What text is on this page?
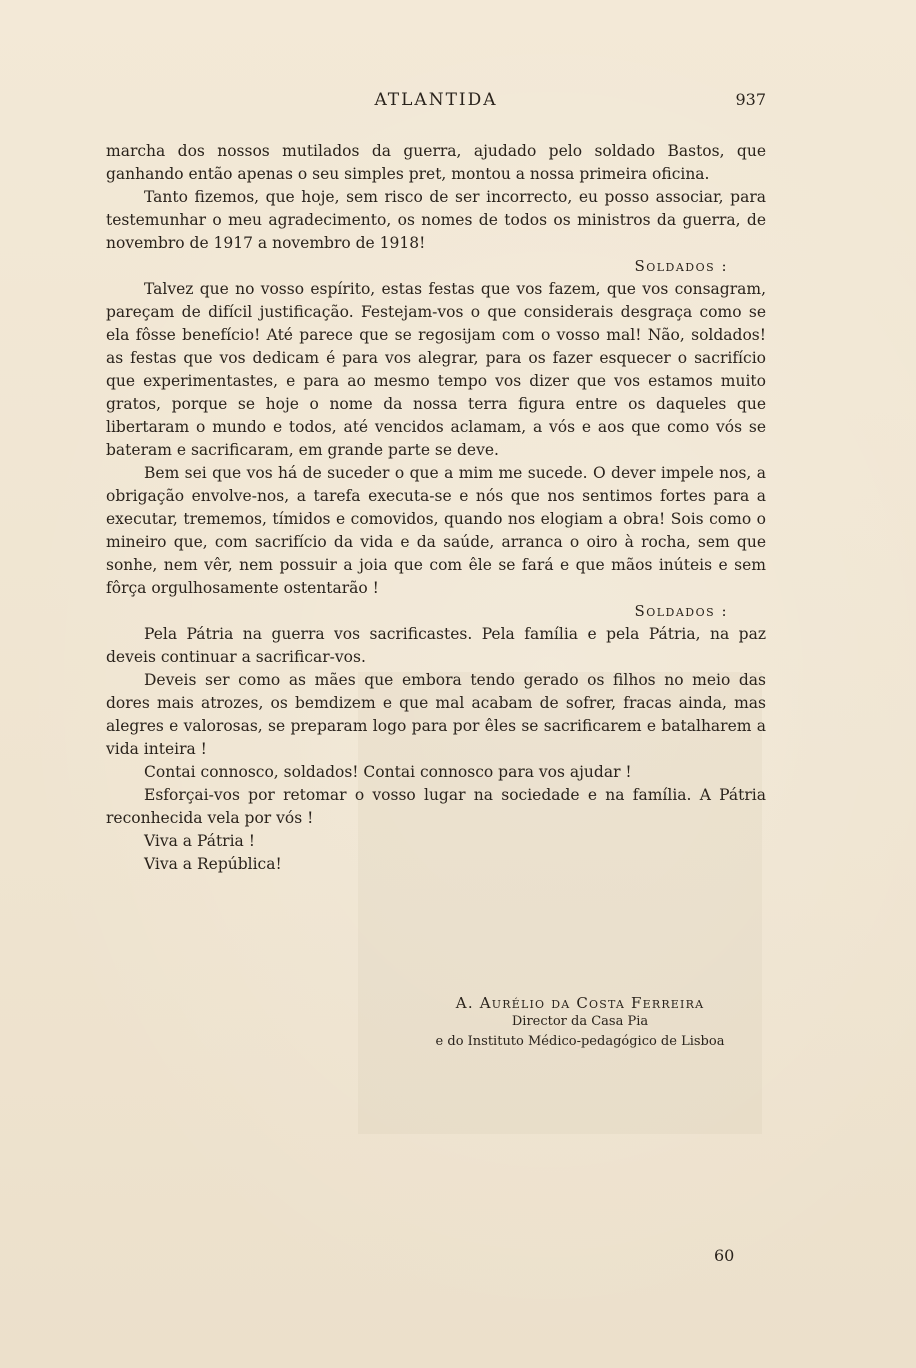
ATLANTIDA	937

marcha dos nossos mutilados da guerra, ajudado pelo soldado Bastos, que ganhando então apenas o seu simples pret, montou a nossa primeira oficina.

Tanto fizemos, que hoje, sem risco de ser incorrecto, eu posso associar, para testemunhar o meu agradecimento, os nomes de todos os ministros da guerra, de novembro de 1917 a novembro de 1918!

Soldados :

Talvez que no vosso espírito, estas festas que vos fazem, que vos consagram, pareçam de difícil justificação. Festejam-vos o que considerais desgraça como se ela fôsse benefício! Até parece que se regosijam com o vosso mal! Não, soldados! as festas que vos dedicam é para vos alegrar, para os fazer esquecer o sacrifício que experimentastes, e para ao mesmo tempo vos dizer que vos estamos muito gratos, porque se hoje o nome da nossa terra figura entre os daqueles que libertaram o mundo e todos, até vencidos aclamam, a vós e aos que como vós se bateram e sacrificaram, em grande parte se deve.

Bem sei que vos há de suceder o que a mim me sucede. O dever impele nos, a obrigação envolve-nos, a tarefa executa-se e nós que nos sentimos fortes para a executar, trememos, tímidos e comovidos, quando nos elogiam a obra! Sois como o mineiro que, com sacrifício da vida e da saúde, arranca o oiro à rocha, sem que sonhe, nem vêr, nem possuir a joia que com êle se fará e que mãos inúteis e sem fôrça orgulhosamente ostentarão !

Soldados :

Pela Pátria na guerra vos sacrificastes. Pela família e pela Pátria, na paz deveis continuar a sacrificar-vos.

Deveis ser como as mães que embora tendo gerado os filhos no meio das dores mais atrozes, os bemdizem e que mal acabam de sofrer, fracas ainda, mas alegres e valorosas, se preparam logo para por êles se sacrificarem e batalharem a vida inteira !

Contai connosco, soldados! Contai connosco para vos ajudar !

Esforçai-vos por retomar o vosso lugar na sociedade e na família. A Pátria reconhecida vela por vós !

Viva a Pátria !

Viva a República!

A. Aurélio da Costa Ferreira
Director da Casa Pia
e do Instituto Médico-pedagógico de Lisboa
60
